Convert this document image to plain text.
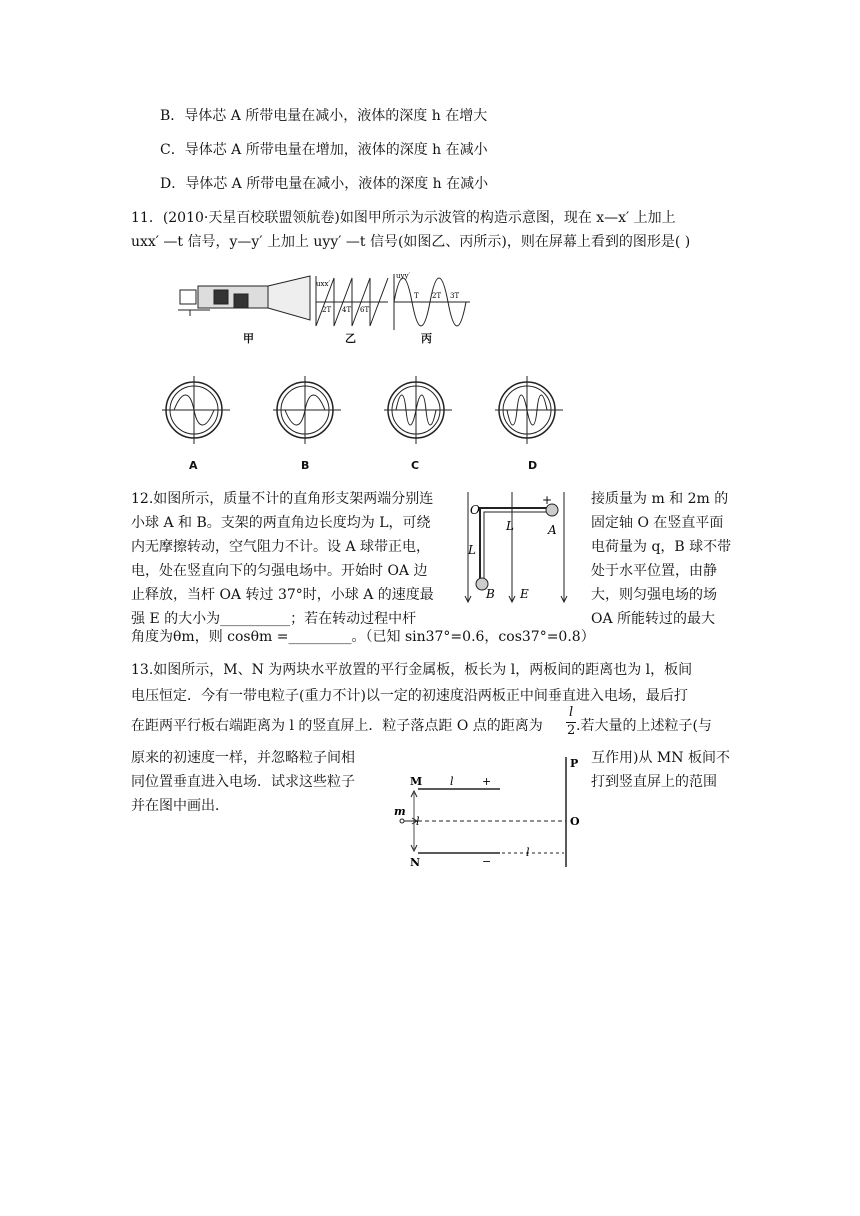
B．导体芯 A 所带电量在减小，液体的深度 h 在增大
C．导体芯 A 所带电量在增加，液体的深度 h 在减小
D．导体芯 A 所带电量在减小，液体的深度 h 在减小
11．(2010·天星百校联盟领航卷)如图甲所示为示波管的构造示意图，现在 x—x′ 上加上
uxx′ —t 信号，y—y′ 上加上 uyy′ —t 信号(如图乙、丙所示)，则在屏幕上看到的图形是( )
uxx′
uyy′
2T 4T 6T
T 2T 3T
甲	乙	丙
A	B	C	D
12.如图所示，质量不计的直角形支架两端分别连
小球 A 和 B。支架的两直角边长度均为 L，可绕
内无摩擦转动，空气阻力不计。设 A 球带正电，
电，处在竖直向下的匀强电场中。开始时 OA 边
止释放，当杆 OA 转过 37°时，小球 A 的速度最
强 E 的大小为__________；若在转动过程中杆
接质量为 m 和 2m 的
固定轴 O 在竖直平面
电荷量为 q，B 球不带
处于水平位置，由静
大，则匀强电场的场
OA 所能转过的最大
角度为θm，则 cosθm =_________。（已知 sin37°=0.6，cos37°=0.8）
O
A
B
L
L
E
+
13.如图所示，M、N 为两块水平放置的平行金属板，板长为 l，两板间的距离也为 l，板间
电压恒定．今有一带电粒子(重力不计)以一定的初速度沿两板正中间垂直进入电场，最后打
在距两平行板右端距离为 l 的竖直屏上．粒子落点距 O 点的距离为
l
2 .若大量的上述粒子(与
原来的初速度一样，并忽略粒子间相
同位置垂直进入电场．试求这些粒子
并在图中画出．
互作用)从 MN 板间不
打到竖直屏上的范围
M
N
P
O
m
l
l
l
+
−
